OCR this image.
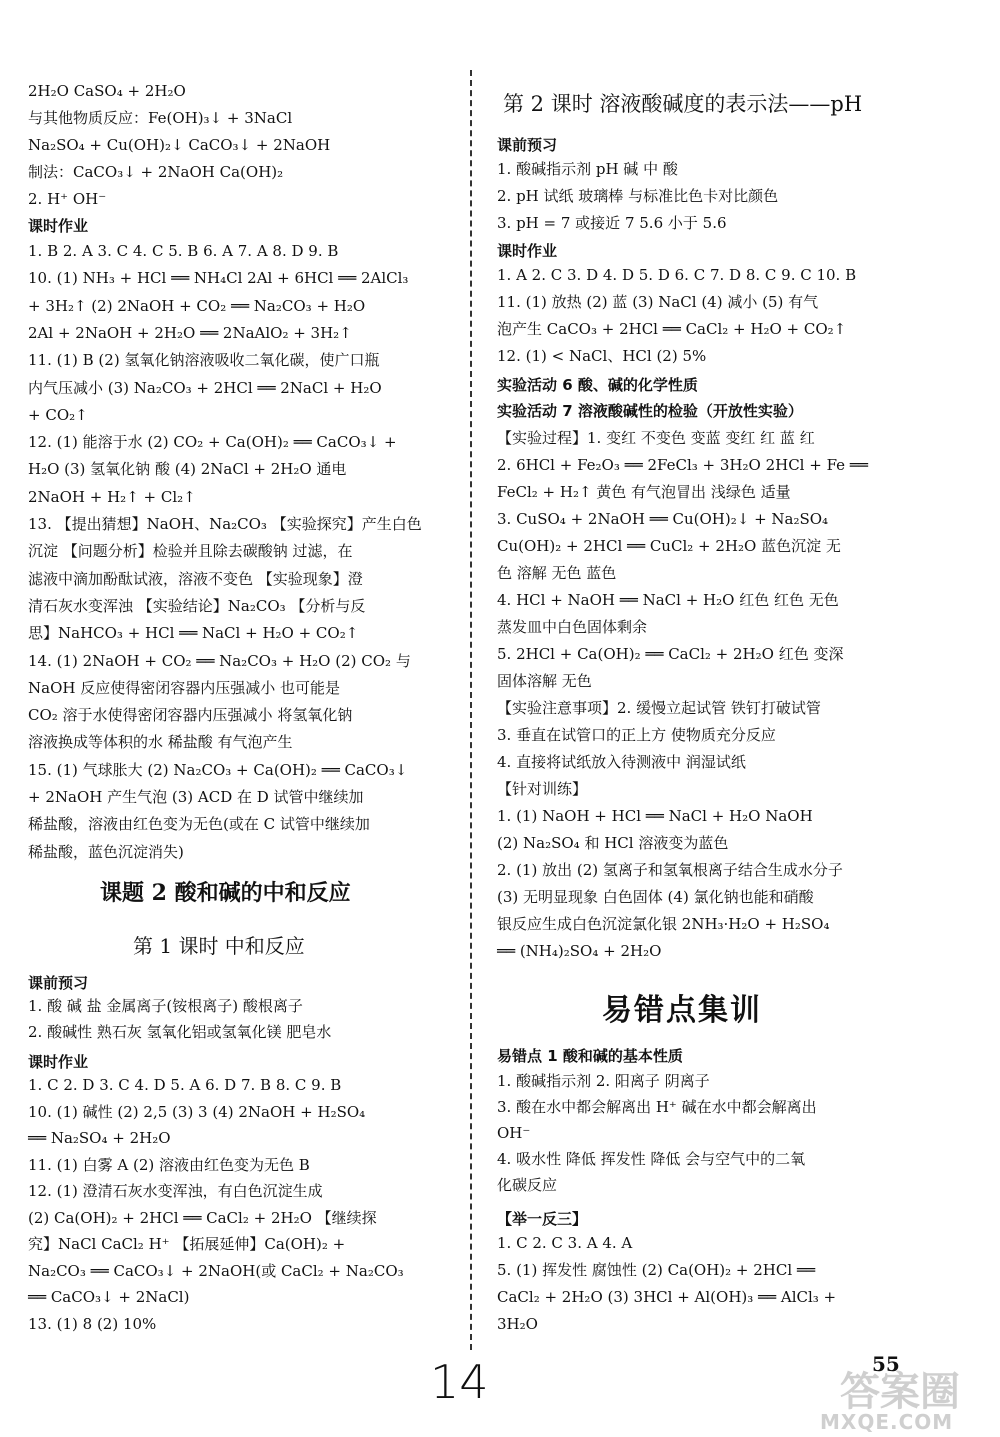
2H₂O CaSO₄ + 2H₂O
与其他物质反应：Fe(OH)₃↓ + 3NaCl
Na₂SO₄ + Cu(OH)₂↓ CaCO₃↓ + 2NaOH
制法：CaCO₃↓ + 2NaOH Ca(OH)₂
2. H⁺ OH⁻
课时作业
1. B 2. A 3. C 4. C 5. B 6. A 7. A 8. D 9. B
10. (1) NH₃ + HCl ══ NH₄Cl 2Al + 6HCl ══ 2AlCl₃
+ 3H₂↑ (2) 2NaOH + CO₂ ══ Na₂CO₃ + H₂O
2Al + 2NaOH + 2H₂O ══ 2NaAlO₂ + 3H₂↑
11. (1) B (2) 氢氧化钠溶液吸收二氧化碳，使广口瓶
内气压减小 (3) Na₂CO₃ + 2HCl ══ 2NaCl + H₂O
+ CO₂↑
12. (1) 能溶于水 (2) CO₂ + Ca(OH)₂ ══ CaCO₃↓ +
H₂O (3) 氢氧化钠 酸 (4) 2NaCl + 2H₂O 通电
2NaOH + H₂↑ + Cl₂↑
13. 【提出猜想】NaOH、Na₂CO₃ 【实验探究】产生白色
沉淀 【问题分析】检验并且除去碳酸钠 过滤，在
滤液中滴加酚酞试液，溶液不变色 【实验现象】澄
清石灰水变浑浊 【实验结论】Na₂CO₃ 【分析与反
思】NaHCO₃ + HCl ══ NaCl + H₂O + CO₂↑
14. (1) 2NaOH + CO₂ ══ Na₂CO₃ + H₂O (2) CO₂ 与
NaOH 反应使得密闭容器内压强减小 也可能是
CO₂ 溶于水使得密闭容器内压强减小 将氢氧化钠
溶液换成等体积的水 稀盐酸 有气泡产生
15. (1) 气球胀大 (2) Na₂CO₃ + Ca(OH)₂ ══ CaCO₃↓
+ 2NaOH 产生气泡 (3) ACD 在 D 试管中继续加
稀盐酸，溶液由红色变为无色(或在 C 试管中继续加
稀盐酸，蓝色沉淀消失)
课题 2 酸和碱的中和反应
第 1 课时 中和反应
课前预习
1. 酸 碱 盐 金属离子(铵根离子) 酸根离子
2. 酸碱性 熟石灰 氢氧化铝或氢氧化镁 肥皂水
课时作业
1. C 2. D 3. C 4. D 5. A 6. D 7. B 8. C 9. B
10. (1) 碱性 (2) 2,5 (3) 3 (4) 2NaOH + H₂SO₄
══ Na₂SO₄ + 2H₂O
11. (1) 白雾 A (2) 溶液由红色变为无色 B
12. (1) 澄清石灰水变浑浊，有白色沉淀生成
(2) Ca(OH)₂ + 2HCl ══ CaCl₂ + 2H₂O 【继续探
究】NaCl CaCl₂ H⁺ 【拓展延伸】Ca(OH)₂ +
Na₂CO₃ ══ CaCO₃↓ + 2NaOH(或 CaCl₂ + Na₂CO₃
══ CaCO₃↓ + 2NaCl)
13. (1) 8 (2) 10%
第 2 课时 溶液酸碱度的表示法——pH
课前预习
1. 酸碱指示剂 pH 碱 中 酸
2. pH 试纸 玻璃棒 与标准比色卡对比颜色
3. pH = 7 或接近 7 5.6 小于 5.6
课时作业
1. A 2. C 3. D 4. D 5. D 6. C 7. D 8. C 9. C 10. B
11. (1) 放热 (2) 蓝 (3) NaCl (4) 减小 (5) 有气
泡产生 CaCO₃ + 2HCl ══ CaCl₂ + H₂O + CO₂↑
12. (1) < NaCl、HCl (2) 5%
实验活动 6 酸、碱的化学性质
实验活动 7 溶液酸碱性的检验（开放性实验）
【实验过程】1. 变红 不变色 变蓝 变红 红 蓝 红
2. 6HCl + Fe₂O₃ ══ 2FeCl₃ + 3H₂O 2HCl + Fe ══
FeCl₂ + H₂↑ 黄色 有气泡冒出 浅绿色 适量
3. CuSO₄ + 2NaOH ══ Cu(OH)₂↓ + Na₂SO₄
Cu(OH)₂ + 2HCl ══ CuCl₂ + 2H₂O 蓝色沉淀 无
色 溶解 无色 蓝色
4. HCl + NaOH ══ NaCl + H₂O 红色 红色 无色
蒸发皿中白色固体剩余
5. 2HCl + Ca(OH)₂ ══ CaCl₂ + 2H₂O 红色 变深
固体溶解 无色
【实验注意事项】2. 缓慢立起试管 铁钉打破试管
3. 垂直在试管口的正上方 使物质充分反应
4. 直接将试纸放入待测液中 润湿试纸
【针对训练】
1. (1) NaOH + HCl ══ NaCl + H₂O NaOH
(2) Na₂SO₄ 和 HCl 溶液变为蓝色
2. (1) 放出 (2) 氢离子和氢氧根离子结合生成水分子
(3) 无明显现象 白色固体 (4) 氯化钠也能和硝酸
银反应生成白色沉淀氯化银 2NH₃·H₂O + H₂SO₄
══ (NH₄)₂SO₄ + 2H₂O
易错点集训
易错点 1 酸和碱的基本性质
1. 酸碱指示剂 2. 阳离子 阴离子
3. 酸在水中都会解离出 H⁺ 碱在水中都会解离出
OH⁻
4. 吸水性 降低 挥发性 降低 会与空气中的二氧
化碳反应
【举一反三】
1. C 2. C 3. A 4. A
5. (1) 挥发性 腐蚀性 (2) Ca(OH)₂ + 2HCl ══
CaCl₂ + 2H₂O (3) 3HCl + Al(OH)₃ ══ AlCl₃ +
3H₂O
14	55
答案圈
MXQE.COM
